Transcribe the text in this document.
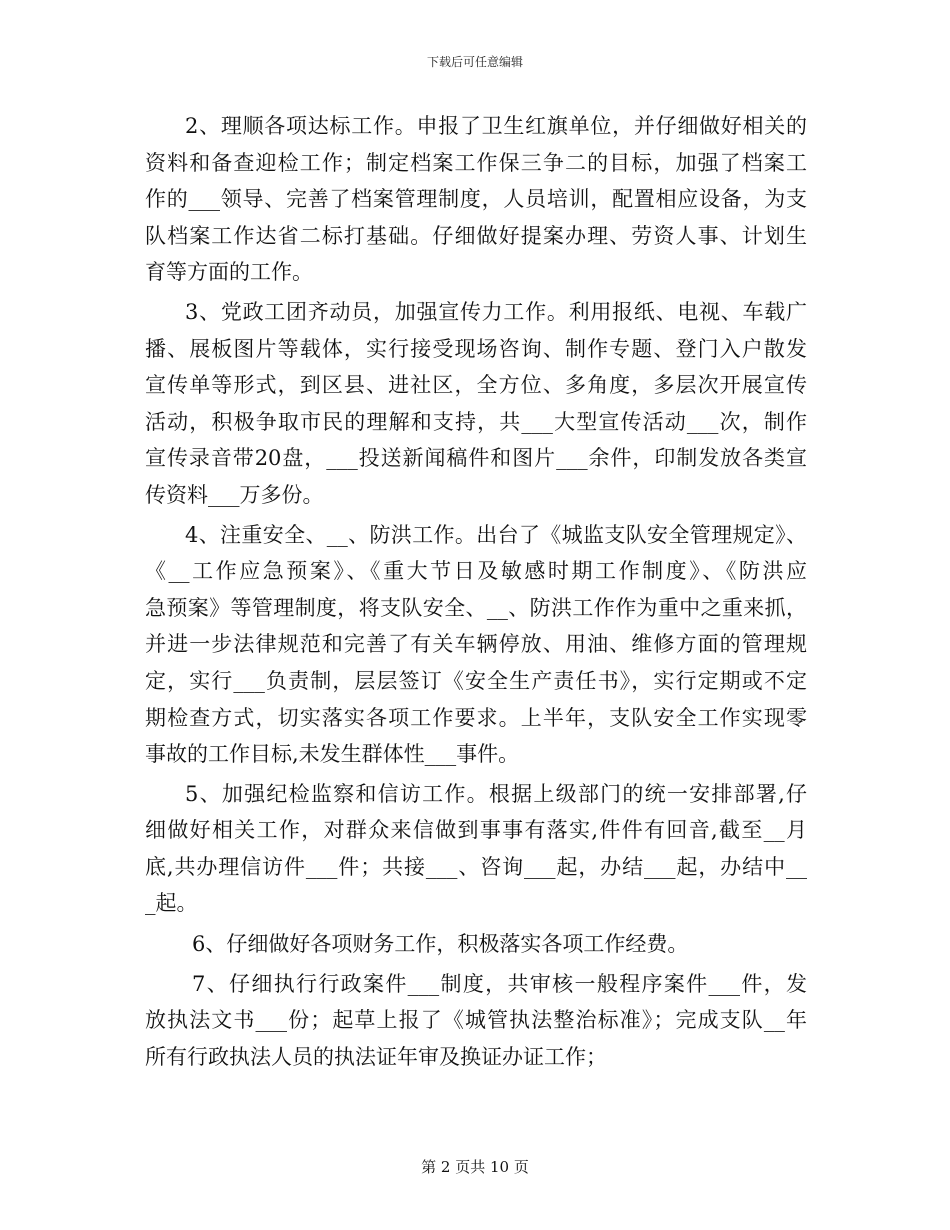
下载后可任意编辑
2、理顺各项达标工作。申报了卫生红旗单位，并仔细做好相关的
资料和备查迎检工作；制定档案工作保三争二的目标，加强了档案工
作的___领导、完善了档案管理制度，人员培训，配置相应设备，为支
队档案工作达省二标打基础。仔细做好提案办理、劳资人事、计划生
育等方面的工作。
3、党政工团齐动员，加强宣传力工作。利用报纸、电视、车载广
播、展板图片等载体，实行接受现场咨询、制作专题、登门入户散发
宣传单等形式，到区县、进社区，全方位、多角度，多层次开展宣传
活动，积极争取市民的理解和支持，共___大型宣传活动___次，制作
宣传录音带20盘，___投送新闻稿件和图片___余件，印制发放各类宣
传资料___万多份。
4、注重安全、__、防洪工作。出台了《城监支队安全管理规定》、
《__工作应急预案》、《重大节日及敏感时期工作制度》、《防洪应
急预案》等管理制度，将支队安全、__、防洪工作作为重中之重来抓，
并进一步法律规范和完善了有关车辆停放、用油、维修方面的管理规
定，实行___负责制，层层签订《安全生产责任书》，实行定期或不定
期检查方式，切实落实各项工作要求。上半年，支队安全工作实现零
事故的工作目标,未发生群体性___事件。
5、加强纪检监察和信访工作。根据上级部门的统一安排部署,仔
细做好相关工作，对群众来信做到事事有落实,件件有回音,截至__月
底,共办理信访件___件；共接___、咨询___起，办结___起，办结中__
_起。
6、仔细做好各项财务工作，积极落实各项工作经费。
7、仔细执行行政案件___制度，共审核一般程序案件___件，发
放执法文书___份；起草上报了《城管执法整治标准》；完成支队__年
所有行政执法人员的执法证年审及换证办证工作；
第 2 页共 10 页
